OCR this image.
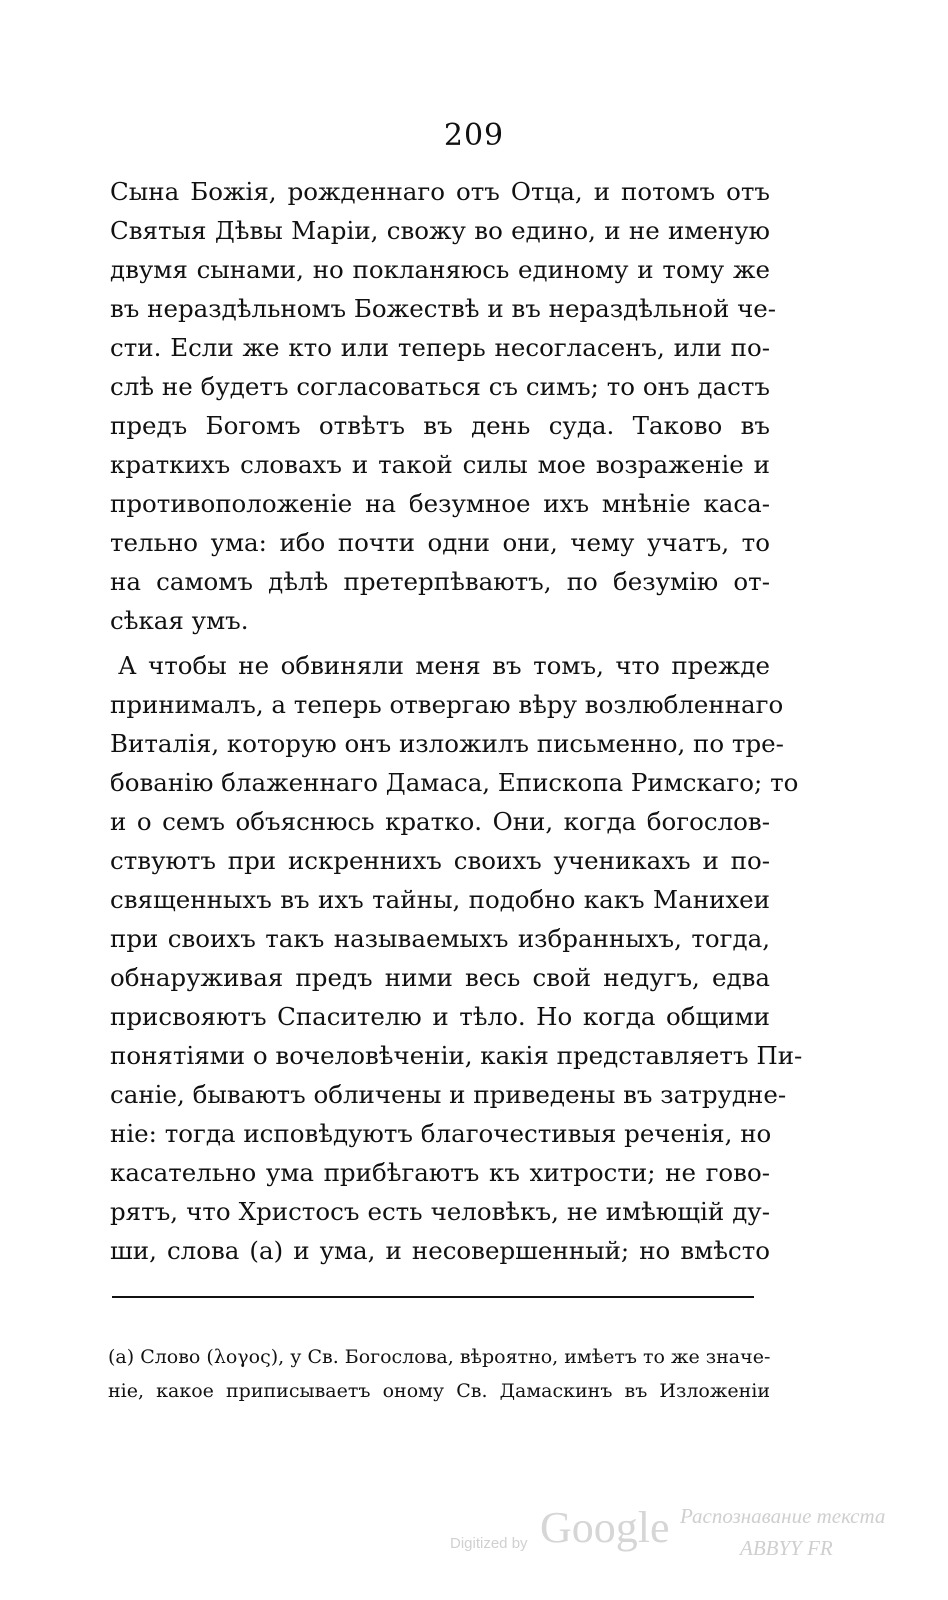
209
Сына Божія, рожденнаго отъ Отца, и потомъ отъ
Святыя Дѣвы Маріи, свожу во едино, и не именую
двумя сынами, но покланяюсь единому и тому же
въ нераздѣльномъ Божествѣ и въ нераздѣльной че-
сти. Если же кто или теперь несогласенъ, или по-
слѣ не будетъ согласоваться съ симъ; то онъ дастъ
предъ Богомъ отвѣтъ въ день суда. Таково въ
краткихъ словахъ и такой силы мое возраженіе и
противоположеніе на безумное ихъ мнѣніе каса-
тельно ума: ибо почти одни они, чему учатъ, то
на самомъ дѣлѣ претерпѣваютъ, по безумію от-
сѣкая умъ.
А чтобы не обвиняли меня въ томъ, что прежде
принималъ, а теперь отвергаю вѣру возлюбленнаго
Виталія, которую онъ изложилъ письменно, по тре-
бованію блаженнаго Дамаса, Епископа Римскаго; то
и о семъ объяснюсь кратко. Они, когда богослов-
ствуютъ при искреннихъ своихъ ученикахъ и по-
священныхъ въ ихъ тайны, подобно какъ Манихеи
при своихъ такъ называемыхъ избранныхъ, тогда,
обнаруживая предъ ними весь свой недугъ, едва
присвояютъ Спасителю и тѣло. Но когда общими
понятіями о вочеловѣченіи, какія представляетъ Пи-
саніе, бываютъ обличены и приведены въ затрудне-
ніе: тогда исповѣдуютъ благочестивыя реченія, но
касательно ума прибѣгаютъ къ хитрости; не гово-
рятъ, что Христосъ есть человѣкъ, не имѣющій ду-
ши, слова (а) и ума, и несовершенный; но вмѣсто
(а) Слово (λογος), у Св. Богослова, вѣроятно, имѣетъ то же значе-
ніе, какое приписываетъ оному Св. Дамаскинъ въ Изложеніи
Digitized by Google Распознавание текста
ABBYY FR
